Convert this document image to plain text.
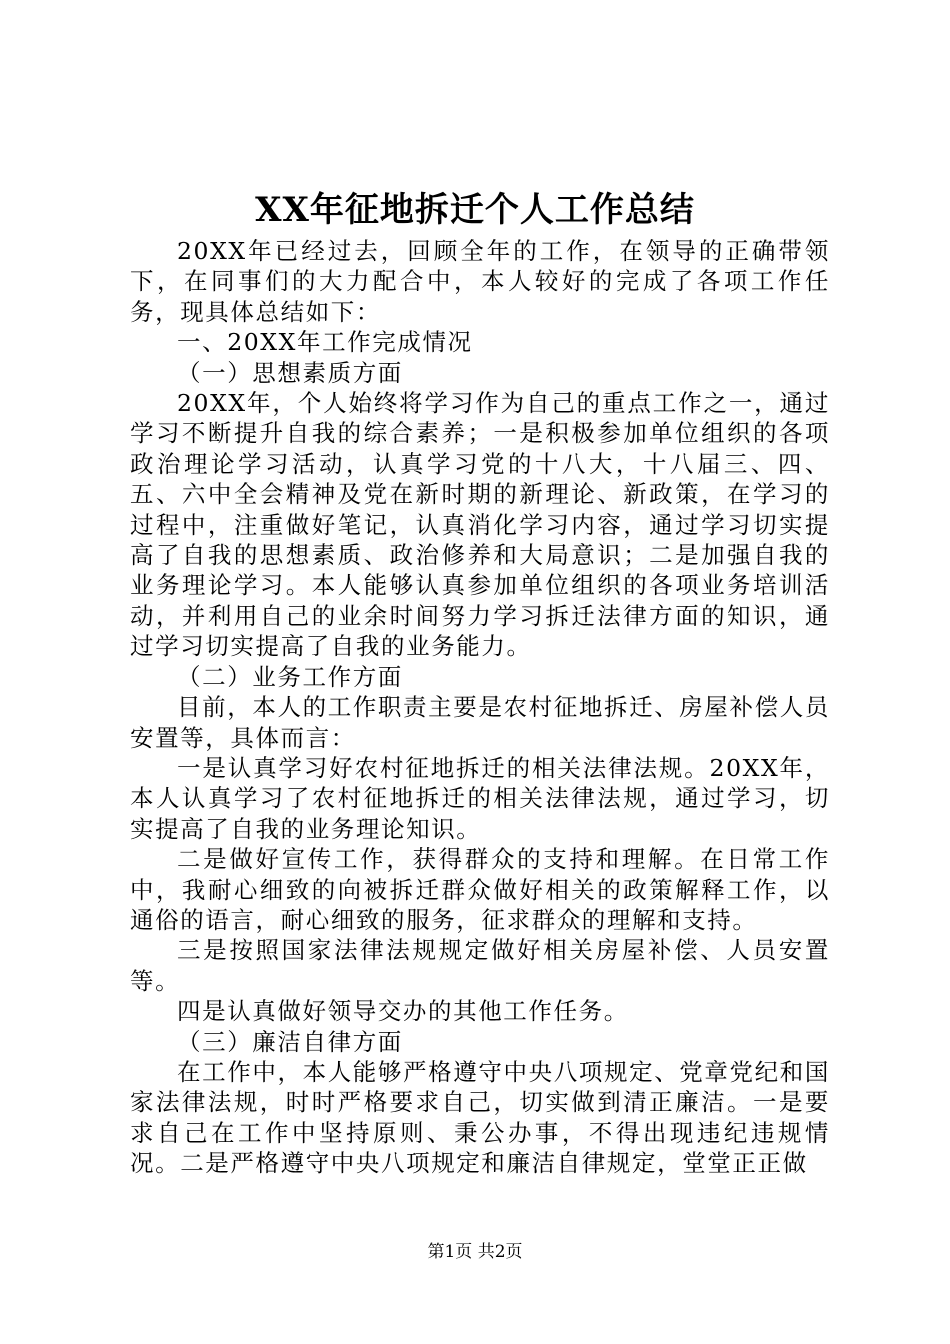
XX年征地拆迁个人工作总结

20XX年已经过去，回顾全年的工作，在领导的正确带领下，在同事们的大力配合中，本人较好的完成了各项工作任务，现具体总结如下：

一、20XX年工作完成情况

（一）思想素质方面

20XX年，个人始终将学习作为自己的重点工作之一，通过学习不断提升自我的综合素养；一是积极参加单位组织的各项政治理论学习活动，认真学习党的十八大，十八届三、四、五、六中全会精神及党在新时期的新理论、新政策，在学习的过程中，注重做好笔记，认真消化学习内容，通过学习切实提高了自我的思想素质、政治修养和大局意识；二是加强自我的业务理论学习。本人能够认真参加单位组织的各项业务培训活动，并利用自己的业余时间努力学习拆迁法律方面的知识，通过学习切实提高了自我的业务能力。

（二）业务工作方面

目前，本人的工作职责主要是农村征地拆迁、房屋补偿人员安置等，具体而言：

一是认真学习好农村征地拆迁的相关法律法规。20XX年，本人认真学习了农村征地拆迁的相关法律法规，通过学习，切实提高了自我的业务理论知识。

二是做好宣传工作，获得群众的支持和理解。在日常工作中，我耐心细致的向被拆迁群众做好相关的政策解释工作，以通俗的语言，耐心细致的服务，征求群众的理解和支持。

三是按照国家法律法规规定做好相关房屋补偿、人员安置等。

四是认真做好领导交办的其他工作任务。

（三）廉洁自律方面

在工作中，本人能够严格遵守中央八项规定、党章党纪和国家法律法规，时时严格要求自己，切实做到清正廉洁。一是要求自己在工作中坚持原则、秉公办事，不得出现违纪违规情况。二是严格遵守中央八项规定和廉洁自律规定，堂堂正正做

第1页 共2页
